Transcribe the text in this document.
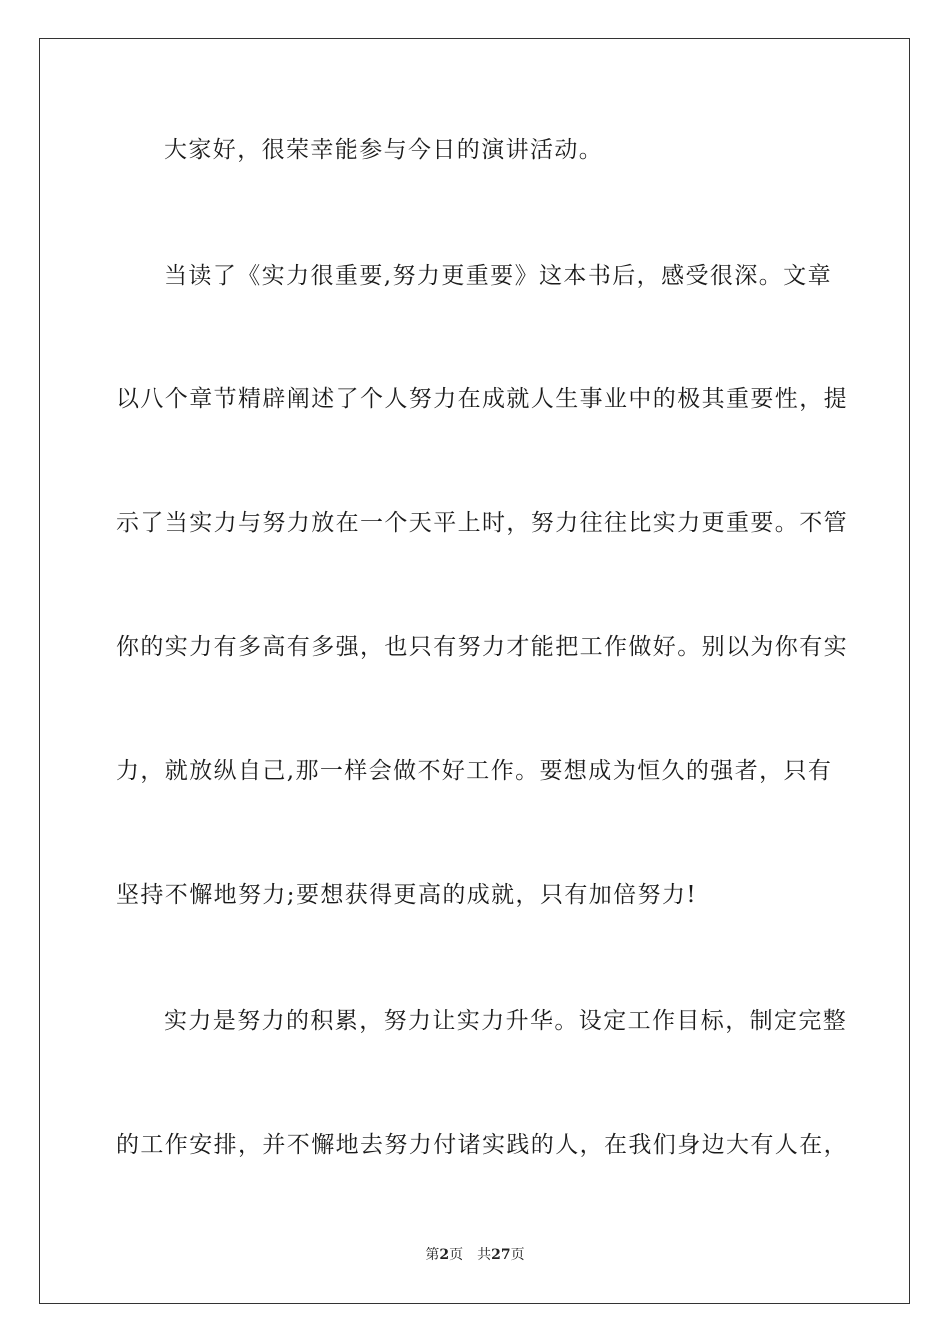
大家好，很荣幸能参与今日的演讲活动。
当读了《实力很重要,努力更重要》这本书后，感受很深。文章
以八个章节精辟阐述了个人努力在成就人生事业中的极其重要性，提
示了当实力与努力放在一个天平上时，努力往往比实力更重要。不管
你的实力有多高有多强，也只有努力才能把工作做好。别以为你有实
力，就放纵自己,那一样会做不好工作。要想成为恒久的强者，只有
坚持不懈地努力;要想获得更高的成就，只有加倍努力!
实力是努力的积累，努力让实力升华。设定工作目标，制定完整
的工作安排，并不懈地去努力付诸实践的人，在我们身边大有人在，
第2页 共27页
